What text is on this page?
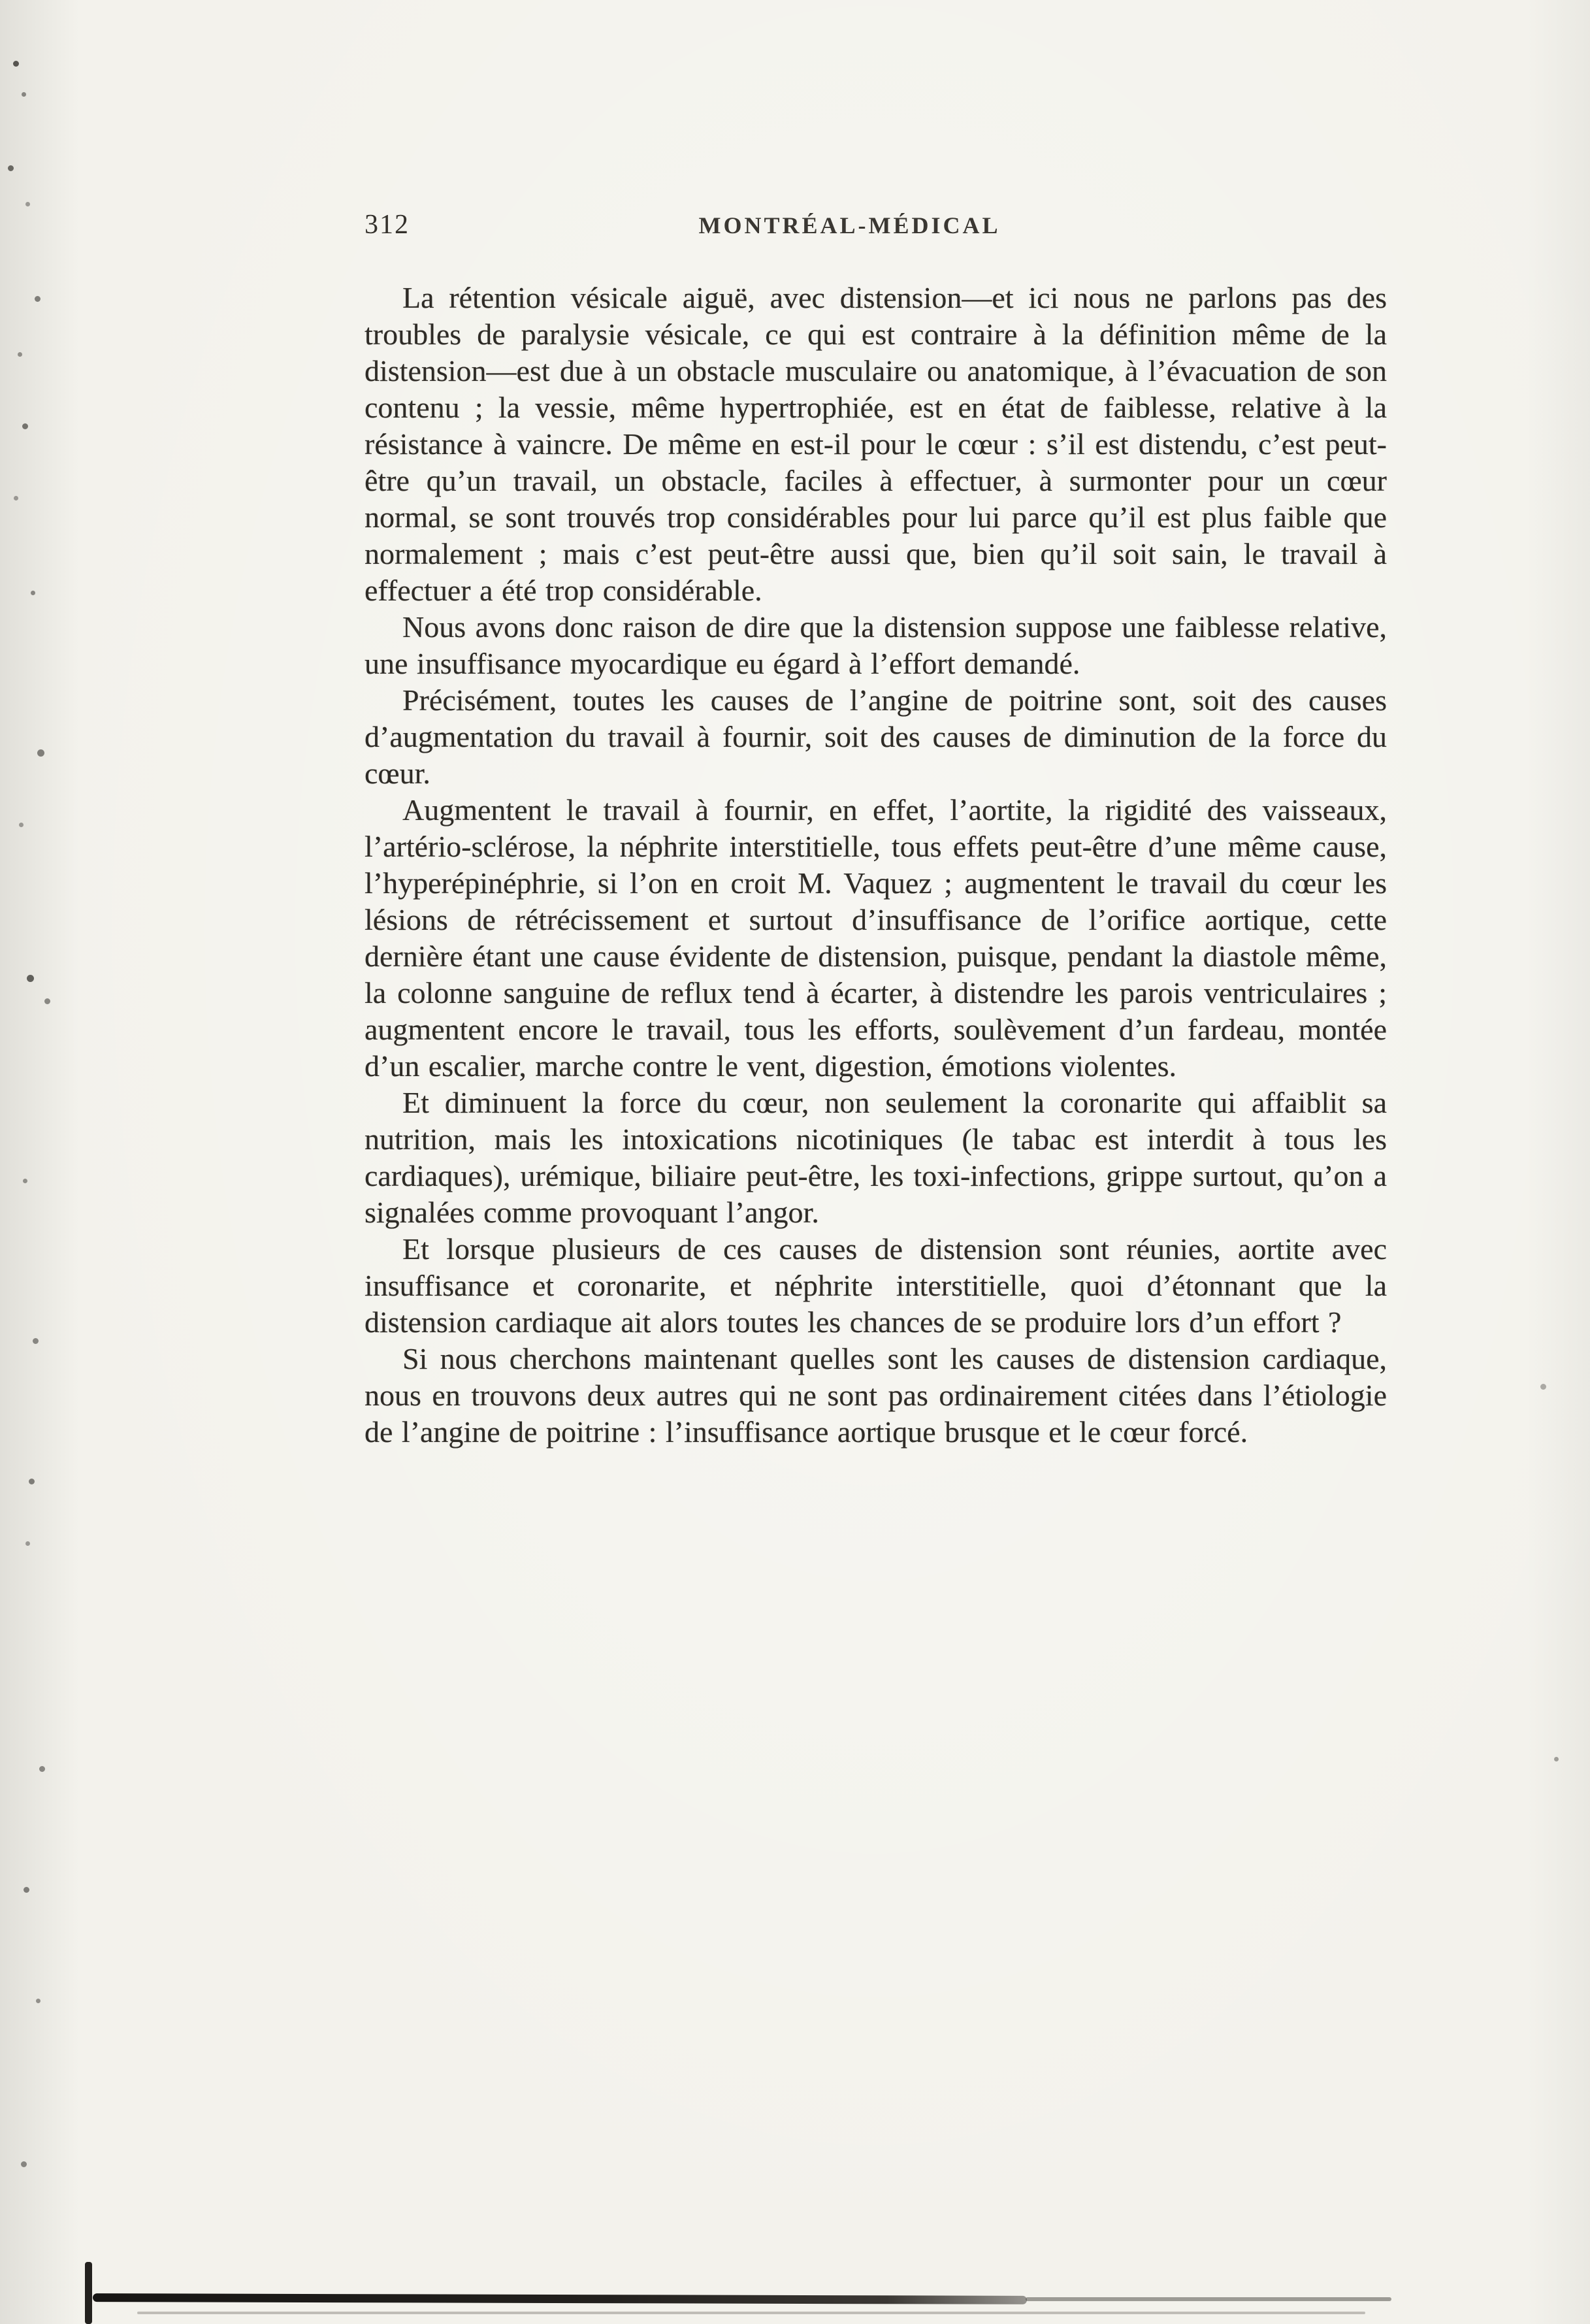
312	MONTRÉAL-MÉDICAL

La rétention vésicale aiguë, avec distension—et ici nous ne parlons pas des troubles de paralysie vésicale, ce qui est contraire à la définition même de la distension—est due à un obstacle musculaire ou anatomique, à l’évacuation de son contenu ; la vessie, même hypertrophiée, est en état de faiblesse, relative à la résistance à vaincre. De même en est-il pour le cœur : s’il est distendu, c’est peut-être qu’un travail, un obstacle, faciles à effectuer, à surmonter pour un cœur normal, se sont trouvés trop considérables pour lui parce qu’il est plus faible que normalement ; mais c’est peut-être aussi que, bien qu’il soit sain, le travail à effectuer a été trop considérable.

Nous avons donc raison de dire que la distension suppose une faiblesse relative, une insuffisance myocardique eu égard à l’effort demandé.

Précisément, toutes les causes de l’angine de poitrine sont, soit des causes d’augmentation du travail à fournir, soit des causes de diminution de la force du cœur.

Augmentent le travail à fournir, en effet, l’aortite, la rigidité des vaisseaux, l’artério-sclérose, la néphrite interstitielle, tous effets peut-être d’une même cause, l’hyperépinéphrie, si l’on en croit M. Vaquez ; augmentent le travail du cœur les lésions de rétrécissement et surtout d’insuffisance de l’orifice aortique, cette dernière étant une cause évidente de distension, puisque, pendant la diastole même, la colonne sanguine de reflux tend à écarter, à distendre les parois ventriculaires ; augmentent encore le travail, tous les efforts, soulèvement d’un fardeau, montée d’un escalier, marche contre le vent, digestion, émotions violentes.

Et diminuent la force du cœur, non seulement la coronarite qui affaiblit sa nutrition, mais les intoxications nicotiniques (le tabac est interdit à tous les cardiaques), urémique, biliaire peut-être, les toxi-infections, grippe surtout, qu’on a signalées comme provoquant l’angor.

Et lorsque plusieurs de ces causes de distension sont réunies, aortite avec insuffisance et coronarite, et néphrite interstitielle, quoi d’étonnant que la distension cardiaque ait alors toutes les chances de se produire lors d’un effort ?

Si nous cherchons maintenant quelles sont les causes de distension cardiaque, nous en trouvons deux autres qui ne sont pas ordinairement citées dans l’étiologie de l’angine de poitrine : l’insuffisance aortique brusque et le cœur forcé.
